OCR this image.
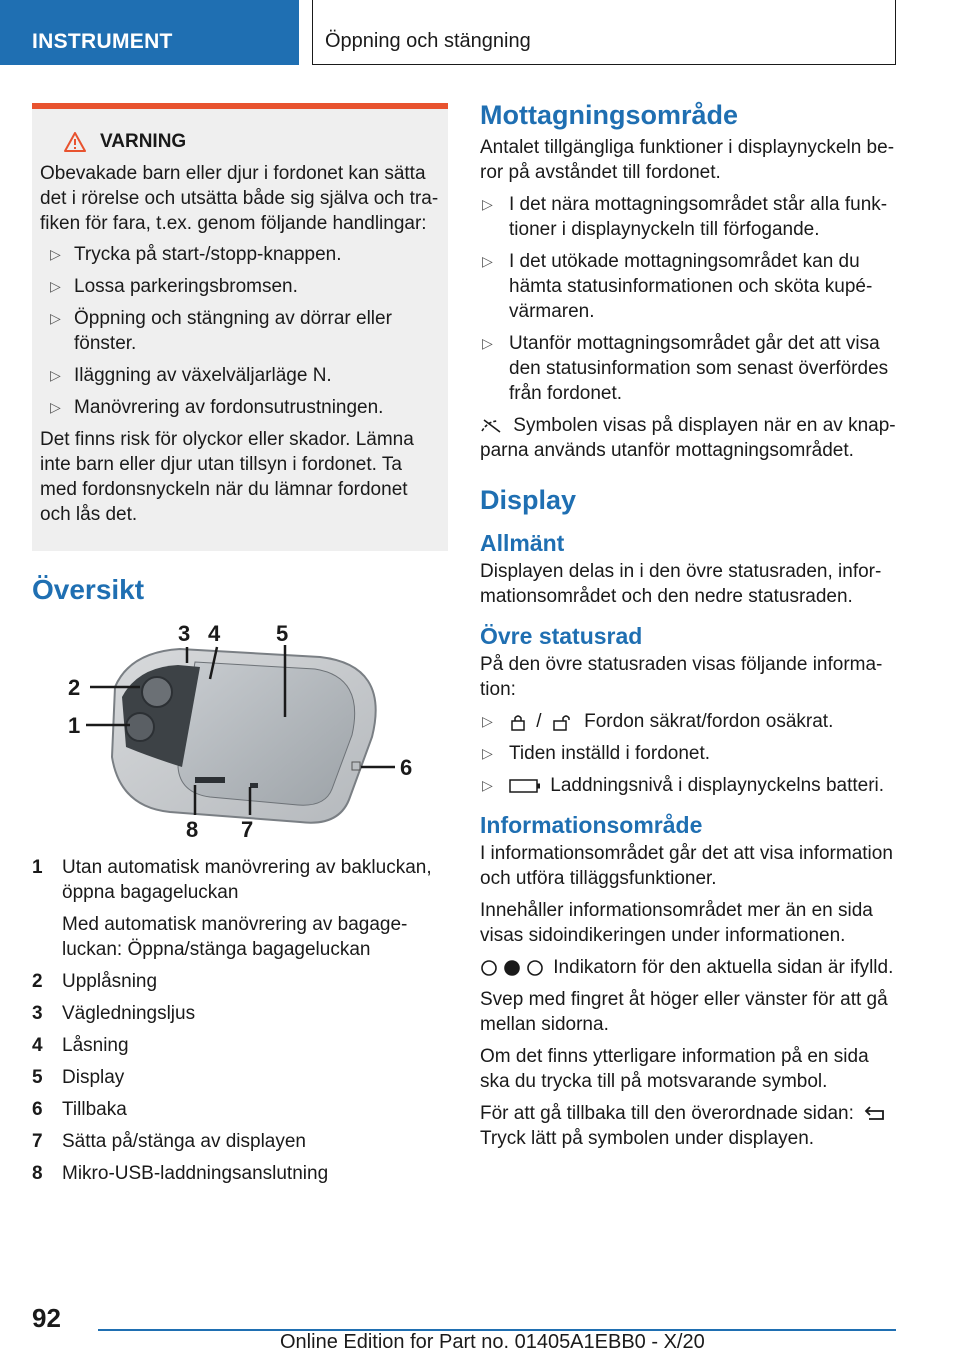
INSTRUMENT	Öppning och stängning
VARNING

Obevakade barn eller djur i fordonet kan sätta det i rörelse och utsätta både sig själva och tra-fiken för fara, t.ex. genom följande handlingar:

▷ Trycka på start-/stopp-knappen.
▷ Lossa parkeringsbromsen.
▷ Öppning och stängning av dörrar eller fönster.
▷ Iläggning av växelväljarläge N.
▷ Manövrering av fordonsutrustningen.

Det finns risk för olyckor eller skador. Lämna inte barn eller djur utan tillsyn i fordonet. Ta med fordonsnyckeln när du lämnar fordonet och lås det.

Översikt
3 4	5
2
1
6
8 7
1	Utan automatisk manövrering av bakluckan, öppna bagageluckan
Med automatisk manövrering av bagage-luckan: Öppna/stänga bagageluckan
2	Upplåsning
3	Vägledningsljus
4	Låsning
5	Display
6	Tillbaka
7	Sätta på/stänga av displayen
8	Mikro-USB-laddningsanslutning
Mottagningsområde

Antalet tillgängliga funktioner i displaynyckeln be-ror på avståndet till fordonet.

▷ I det nära mottagningsområdet står alla funk-tioner i displaynyckeln till förfogande.
▷ I det utökade mottagningsområdet kan du hämta statusinformationen och sköta kupé-värmaren.
▷ Utanför mottagningsområdet går det att visa den statusinformation som senast överfördes från fordonet.

Symbolen visas på displayen när en av knap-parna används utanför mottagningsområdet.

Display
Allmänt

Displayen delas in i den övre statusraden, infor-mationsområdet och den nedre statusraden.

Övre statusrad

På den övre statusraden visas följande informa-tion:

▷ / Fordon säkrat/fordon osäkrat.
▷ Tiden inställd i fordonet.
▷	Laddningsnivå i displaynyckelns batteri.
Informationsområde

I informationsområdet går det att visa information och utföra tilläggsfunktioner.

Innehåller informationsområdet mer än en sida visas sidoindikeringen under informationen.

Indikatorn för den aktuella sidan är ifylld.

Svep med fingret åt höger eller vänster för att gå mellan sidorna.

Om det finns ytterligare information på en sida ska du trycka till på motsvarande symbol.

För att gå tillbaka till den överordnade sidan:

Tryck lätt på symbolen under displayen.

92
Online Edition for Part no. 01405A1EBB0 - X/20
